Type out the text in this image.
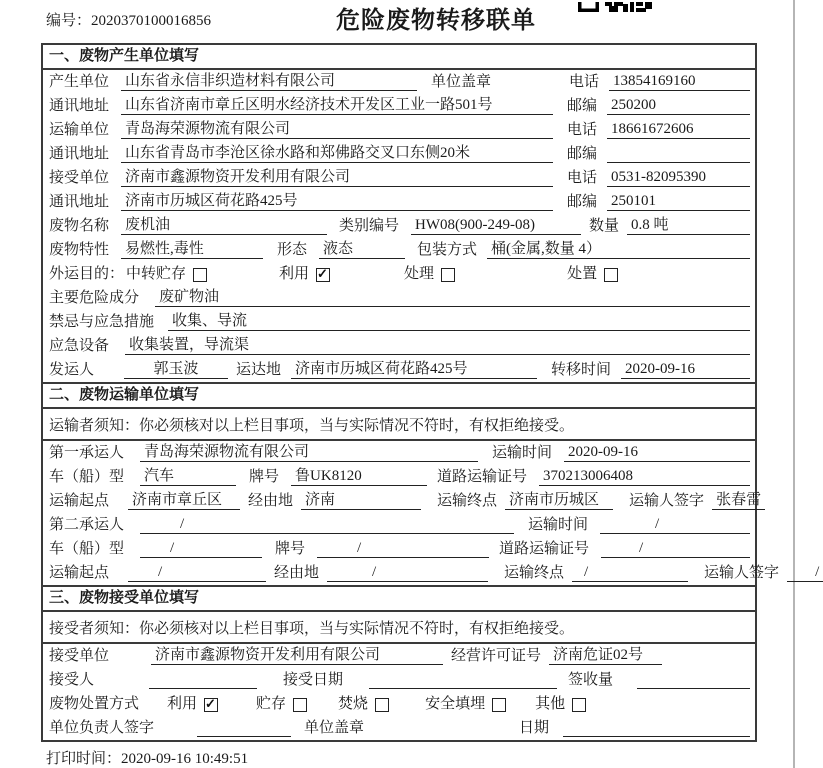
编号：2020370100016856	危险废物转移联单
一、废物产生单位填写
产生单位 山东省永信非织造材料有限公司	单位盖章	电话 13854169160
通讯地址 山东省济南市章丘区明水经济技术开发区工业一路501号	邮编 250200
运输单位 青岛海荣源物流有限公司	电话 18661672606
通讯地址 山东省青岛市李沧区徐水路和郑佛路交叉口东侧20米	邮编
接受单位 济南市鑫源物资开发利用有限公司	电话 0531-82095390
通讯地址 济南市历城区荷花路425号	邮编 250101
废物名称 废机油	类别编号 HW08(900-249-08)	数量 0.8 吨
废物特性 易燃性,毒性	形态 液态	包装方式 桶(金属,数量 4）
外运目的： 中转贮存	利用 ✓	处理	处置
主要危险成分 废矿物油
禁忌与应急措施 收集、导流
应急设备 收集装置，导流渠
发运人	郭玉波	运达地 济南市历城区荷花路425号	转移时间 2020-09-16
二、废物运输单位填写
运输者须知：你必须核对以上栏目事项，当与实际情况不符时，有权拒绝接受。
第一承运人 青岛海荣源物流有限公司	运输时间 2020-09-16
车（船）型 汽车	牌号 鲁UK8120	道路运输证号 370213006408
运输起点 济南市章丘区	经由地 济南	运输终点 济南市历城区	运输人签字 张春雷
第二承运人	/	运输时间	/
车（船）型	/	牌号	/	道路运输证号	/
运输起点	/	经由地	/	运输终点	/	运输人签字	/
三、废物接受单位填写
接受者须知：你必须核对以上栏目事项，当与实际情况不符时，有权拒绝接受。
接受单位	济南市鑫源物资开发利用有限公司	经营许可证号 济南危证02号
接受人	接受日期	签收量
废物处置方式 利用 ✓	贮存	焚烧	安全填埋	其他
单位负责人签字	单位盖章	日期
打印时间：2020-09-16 10:49:51
